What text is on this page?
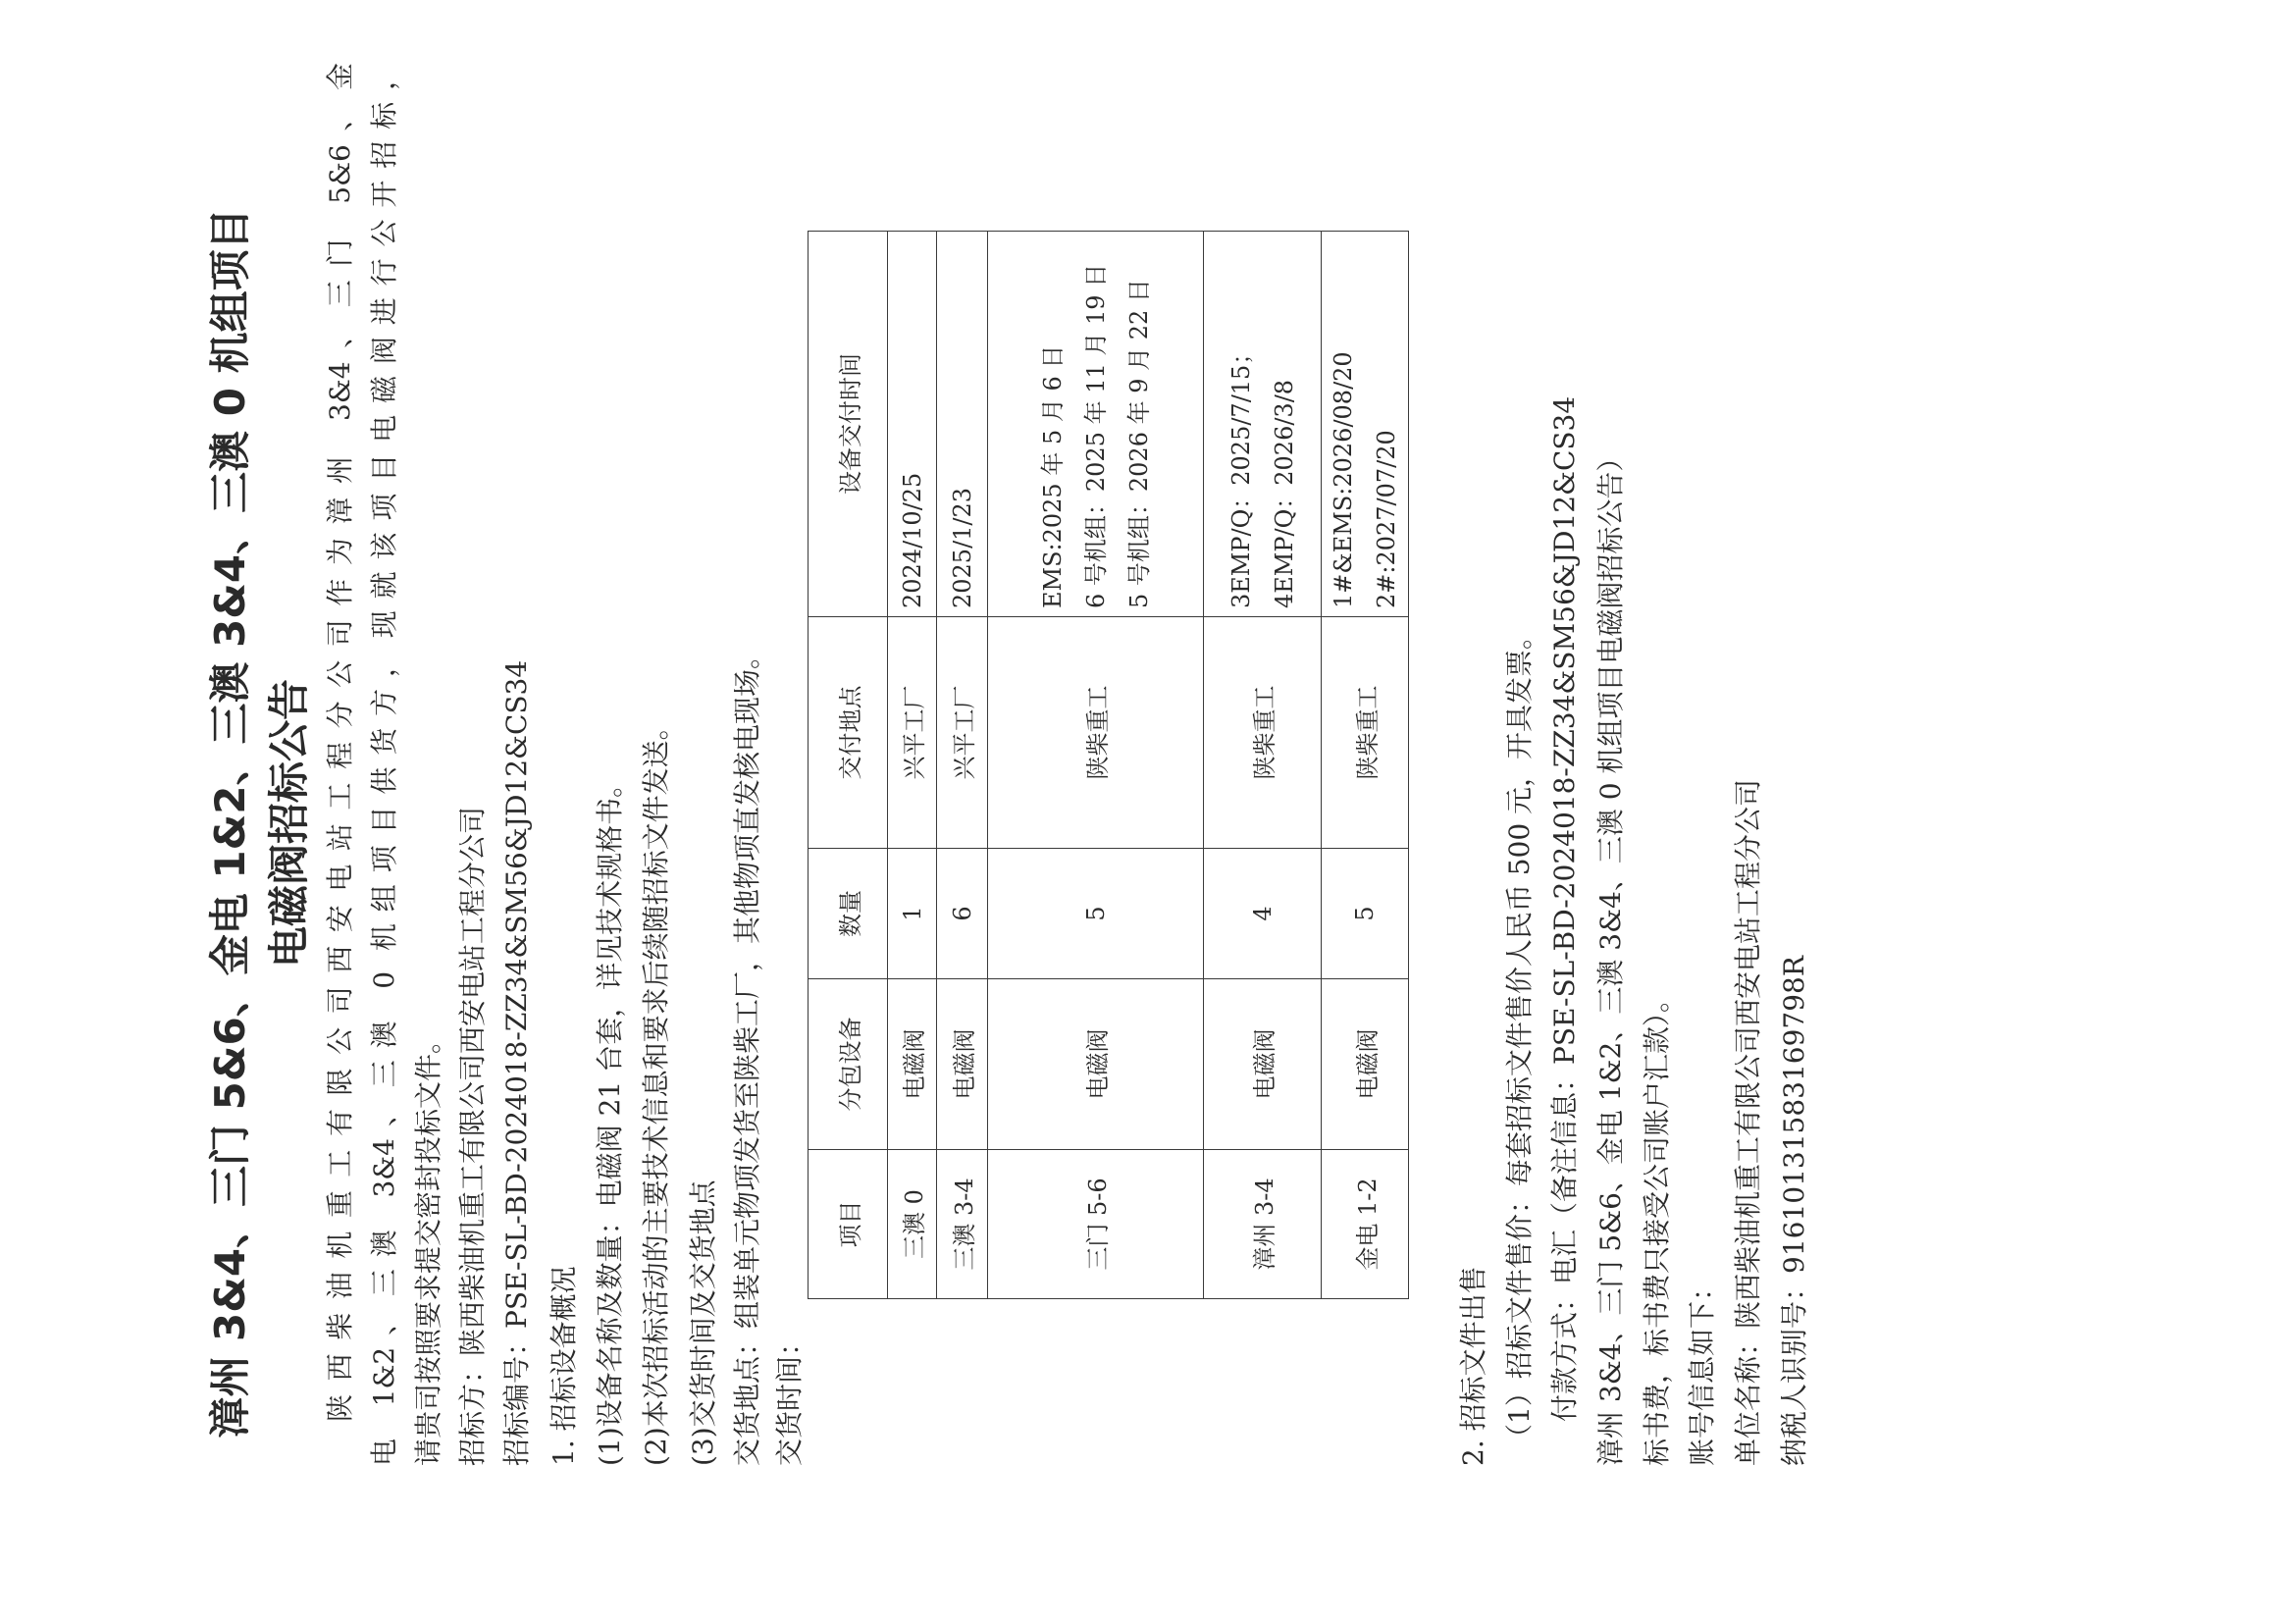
漳州 3&4、三门 5&6、金电 1&2、三澳 3&4、三澳 0 机组项目 电磁阀招标公告 陕西柴油机重工有限公司西安电站工程分公司作为漳州 3&4、三门 5&6、金 电 1&2、三澳 3&4、三澳 0 机组项目供货方，现就该项目电磁阀进行公开招标， 请贵司按照要求提交密封投标文件。 招标方：陕西柴油机重工有限公司西安电站工程分公司 招标编号：PSE-SL-BD-2024018-ZZ34&SM56&JD12&CS34 1. 招标设备概况 (1)设备名称及数量：电磁阀 21 台套，详见技术规格书。 (2)本次招标活动的主要技术信息和要求后续随招标文件发送。 (3)交货时间及交货地点 交货地点：组装单元物项发货至陕柴工厂，其他物项直发核电现场。 交货时间：
项目	分包设备	数量	交付地点	设备交付时间
三澳 0	电磁阀	1	兴平工厂	2024/10/25

三澳 3-4	电磁阀	6	兴平工厂	2025/1/23

三门 5-6	电磁阀	5	陕柴重工	EMS:2025 年 5 月 6 日 6 号机组：2025 年 11 月 19 日 5 号机组：2026 年 9 月 22 日

漳州 3-4	电磁阀	4	陕柴重工	3EMP/Q：2025/7/15； 4EMP/Q：2026/3/8

金电 1-2	电磁阀	5	陕柴重工	1#&EMS:2026/08/20 2#:2027/07/20
2. 招标文件出售 （1）招标文件售价：每套招标文件售价人民币 500 元，开具发票。 付款方式：电汇（备注信息：PSE-SL-BD-2024018-ZZ34&SM56&JD12&CS34 漳州 3&4、三门 5&6、金电 1&2、三澳 3&4、三澳 0 机组项目电磁阀招标公告） 标书费，标书费只接受公司账户汇款）。 账号信息如下： 单位名称：陕西柴油机重工有限公司西安电站工程分公司 纳税人识别号：91610131583169798R
